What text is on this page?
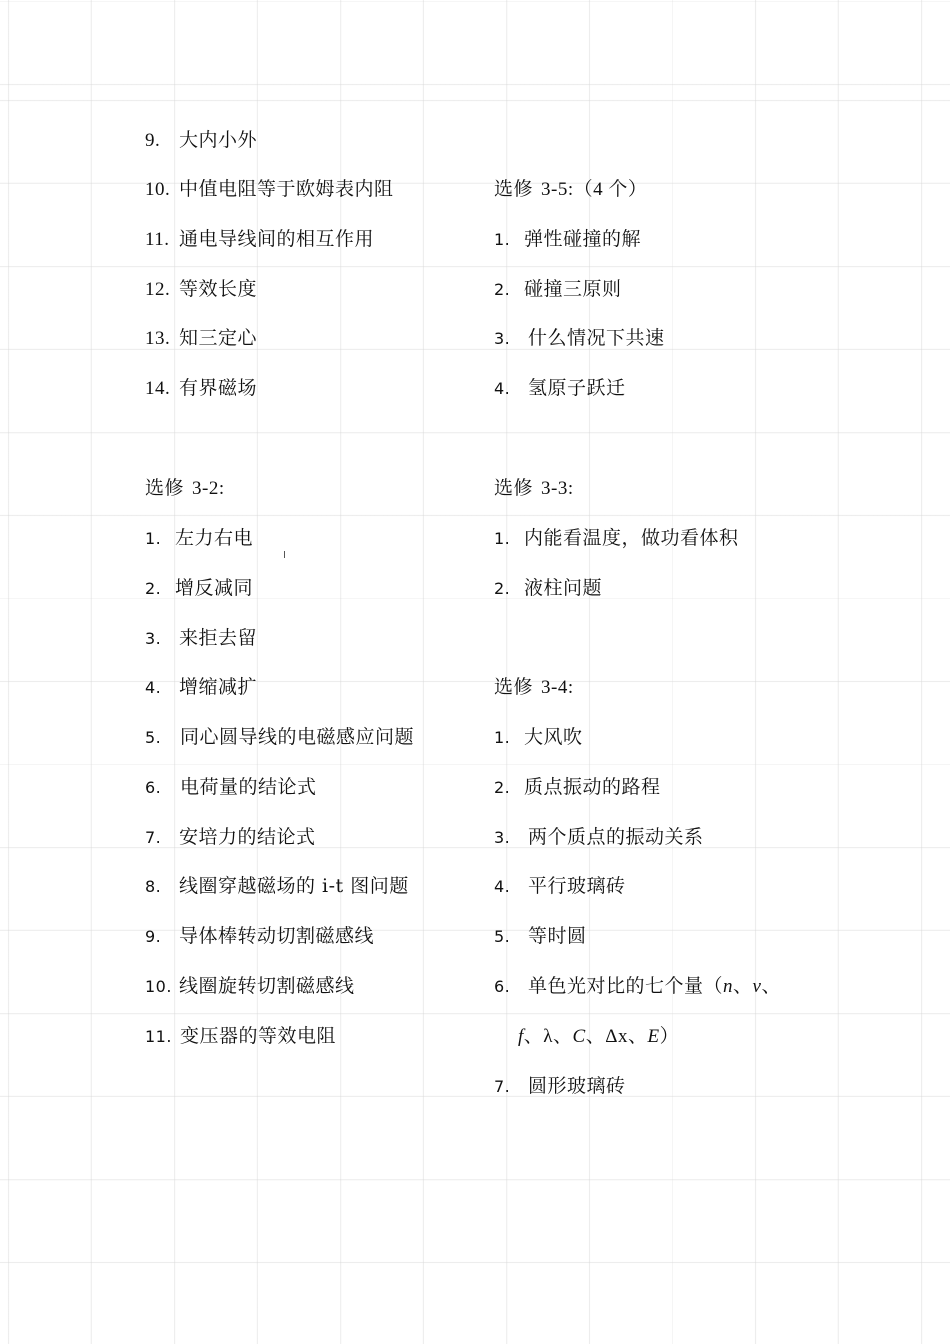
9. 大内小外
10. 中值电阻等于欧姆表内阻
11. 通电导线间的相互作用
12. 等效长度
13. 知三定心
14. 有界磁场
选修 3-5:（4 个）
1. 弹性碰撞的解
2. 碰撞三原则
3. 什么情况下共速
4. 氢原子跃迁
选修 3-2:
1. 左力右电
2. 增反减同
3. 来拒去留
4. 增缩减扩
5. 同心圆导线的电磁感应问题
6. 电荷量的结论式
7. 安培力的结论式
8. 线圈穿越磁场的 i-t 图问题
9. 导体棒转动切割磁感线
10. 线圈旋转切割磁感线
11. 变压器的等效电阻
选修 3-3:
1. 内能看温度，做功看体积
2. 液柱问题
选修 3-4:
1. 大风吹
2. 质点振动的路程
3. 两个质点的振动关系
4. 平行玻璃砖
5. 等时圆
6. 单色光对比的七个量（n、v、
f、λ、C、Δx、E）
7. 圆形玻璃砖
